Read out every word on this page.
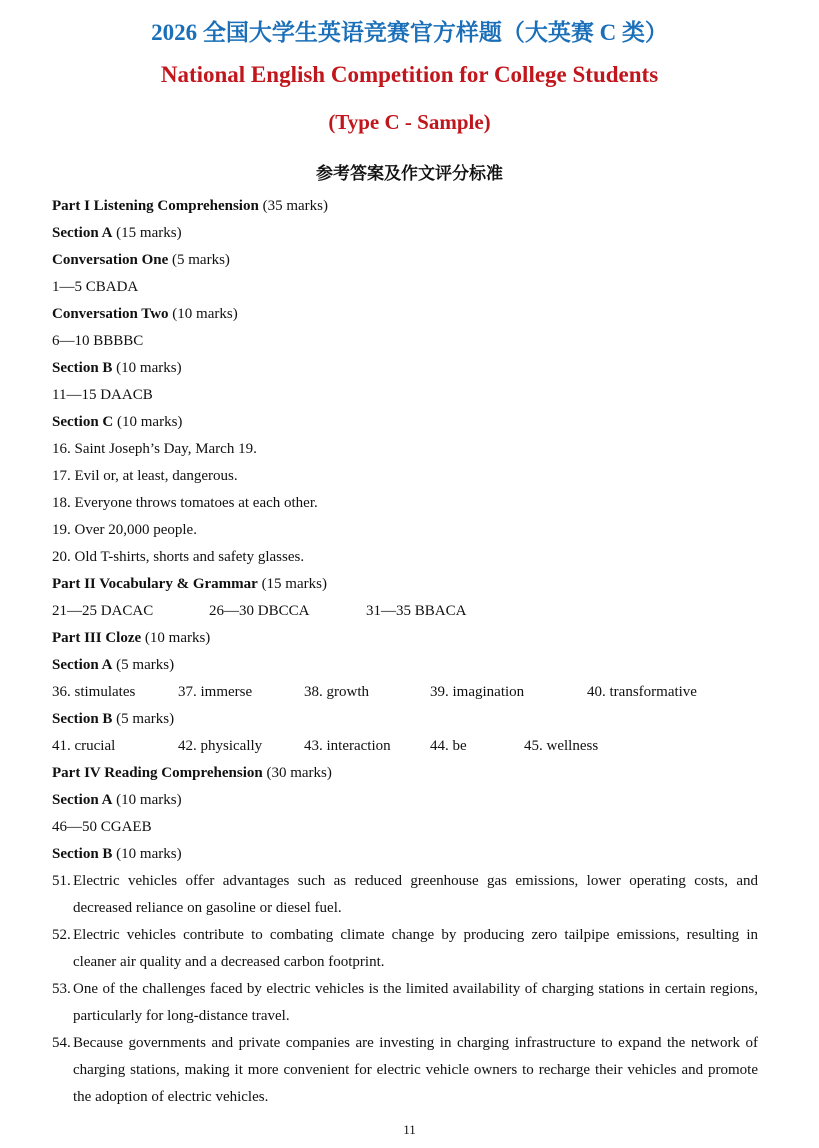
2026 全国大学生英语竞赛官方样题（大英赛 C 类）
National English Competition for College Students
(Type C - Sample)
参考答案及作文评分标准
Part I Listening Comprehension (35 marks)
Section A (15 marks)
Conversation One (5 marks)
1—5 CBADA
Conversation Two (10 marks)
6—10 BBBBC
Section B (10 marks)
11—15 DAACB
Section C (10 marks)
16. Saint Joseph’s Day, March 19.
17. Evil or, at least, dangerous.
18. Everyone throws tomatoes at each other.
19. Over 20,000 people.
20. Old T-shirts, shorts and safety glasses.
Part II Vocabulary & Grammar (15 marks)
21—25 DACAC	26—30 DBCCA	31—35 BBACA
Part III Cloze (10 marks)
Section A (5 marks)
36. stimulates	37. immerse	38. growth	39. imagination	40. transformative
Section B (5 marks)
41. crucial	42. physically	43. interaction	44. be	45. wellness
Part IV Reading Comprehension (30 marks)
Section A (10 marks)
46—50 CGAEB
Section B (10 marks)
51. Electric vehicles offer advantages such as reduced greenhouse gas emissions, lower operating costs, and decreased reliance on gasoline or diesel fuel.
52. Electric vehicles contribute to combating climate change by producing zero tailpipe emissions, resulting in cleaner air quality and a decreased carbon footprint.
53. One of the challenges faced by electric vehicles is the limited availability of charging stations in certain regions, particularly for long-distance travel.
54. Because governments and private companies are investing in charging infrastructure to expand the network of charging stations, making it more convenient for electric vehicle owners to recharge their vehicles and promote the adoption of electric vehicles.
11
